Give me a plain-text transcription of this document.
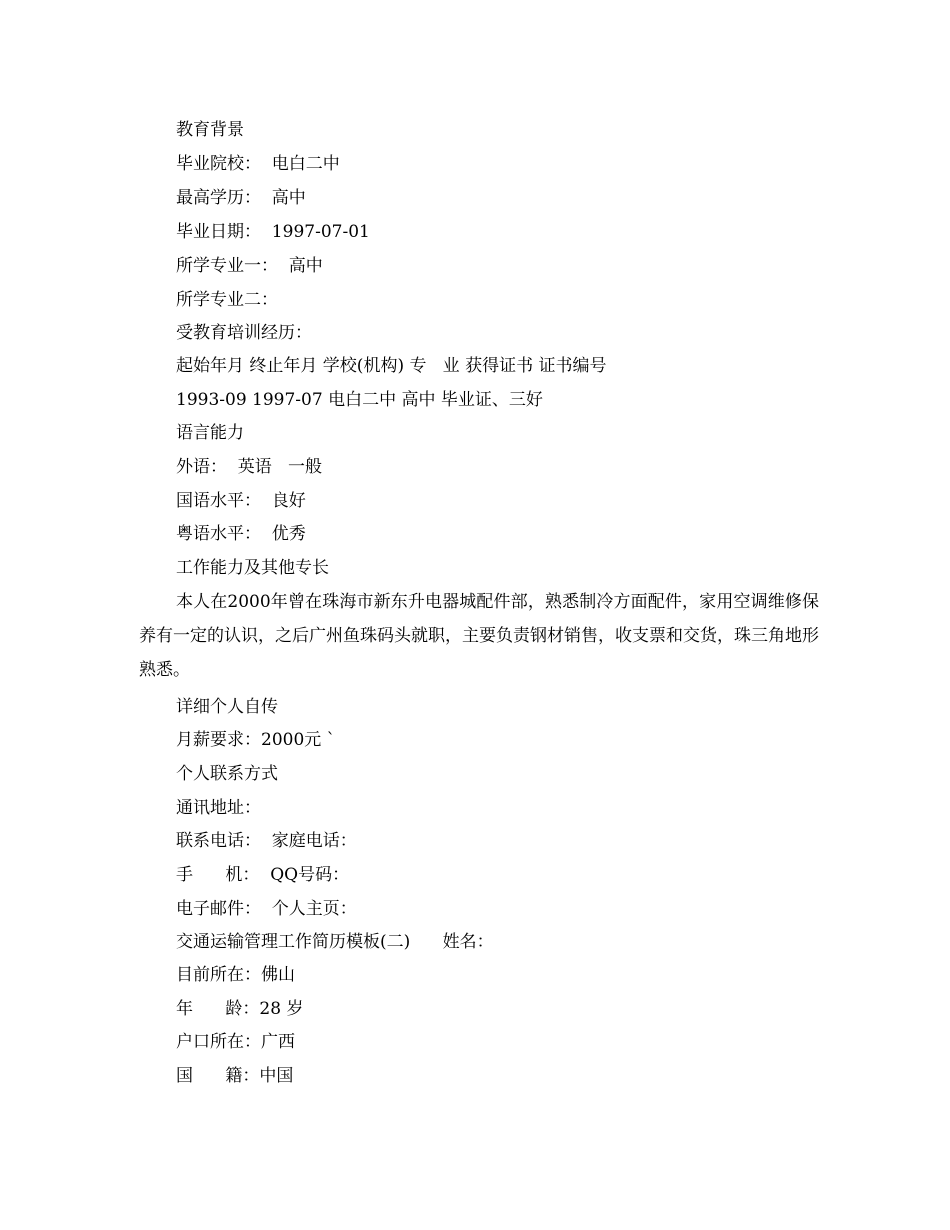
教育背景
毕业院校：  电白二中
最高学历：  高中
毕业日期：  1997-07-01
所学专业一：  高中
所学专业二：
受教育培训经历：
起始年月 终止年月 学校(机构) 专   业 获得证书 证书编号
1993-09 1997-07 电白二中 高中 毕业证、三好
语言能力
外语：  英语   一般
国语水平：  良好
粤语水平：  优秀
工作能力及其他专长
本人在2000年曾在珠海市新东升电器城配件部，熟悉制冷方面配件，家用空调维修保养有一定的认识，之后广州鱼珠码头就职，主要负责钢材销售，收支票和交货，珠三角地形熟悉。
详细个人自传
月薪要求：2000元 `
个人联系方式
通讯地址：
联系电话：  家庭电话：
手      机：  QQ号码：
电子邮件：  个人主页：
交通运输管理工作简历模板(二)      姓名：
目前所在：佛山
年      龄：28 岁
户口所在：广西
国      籍：中国
